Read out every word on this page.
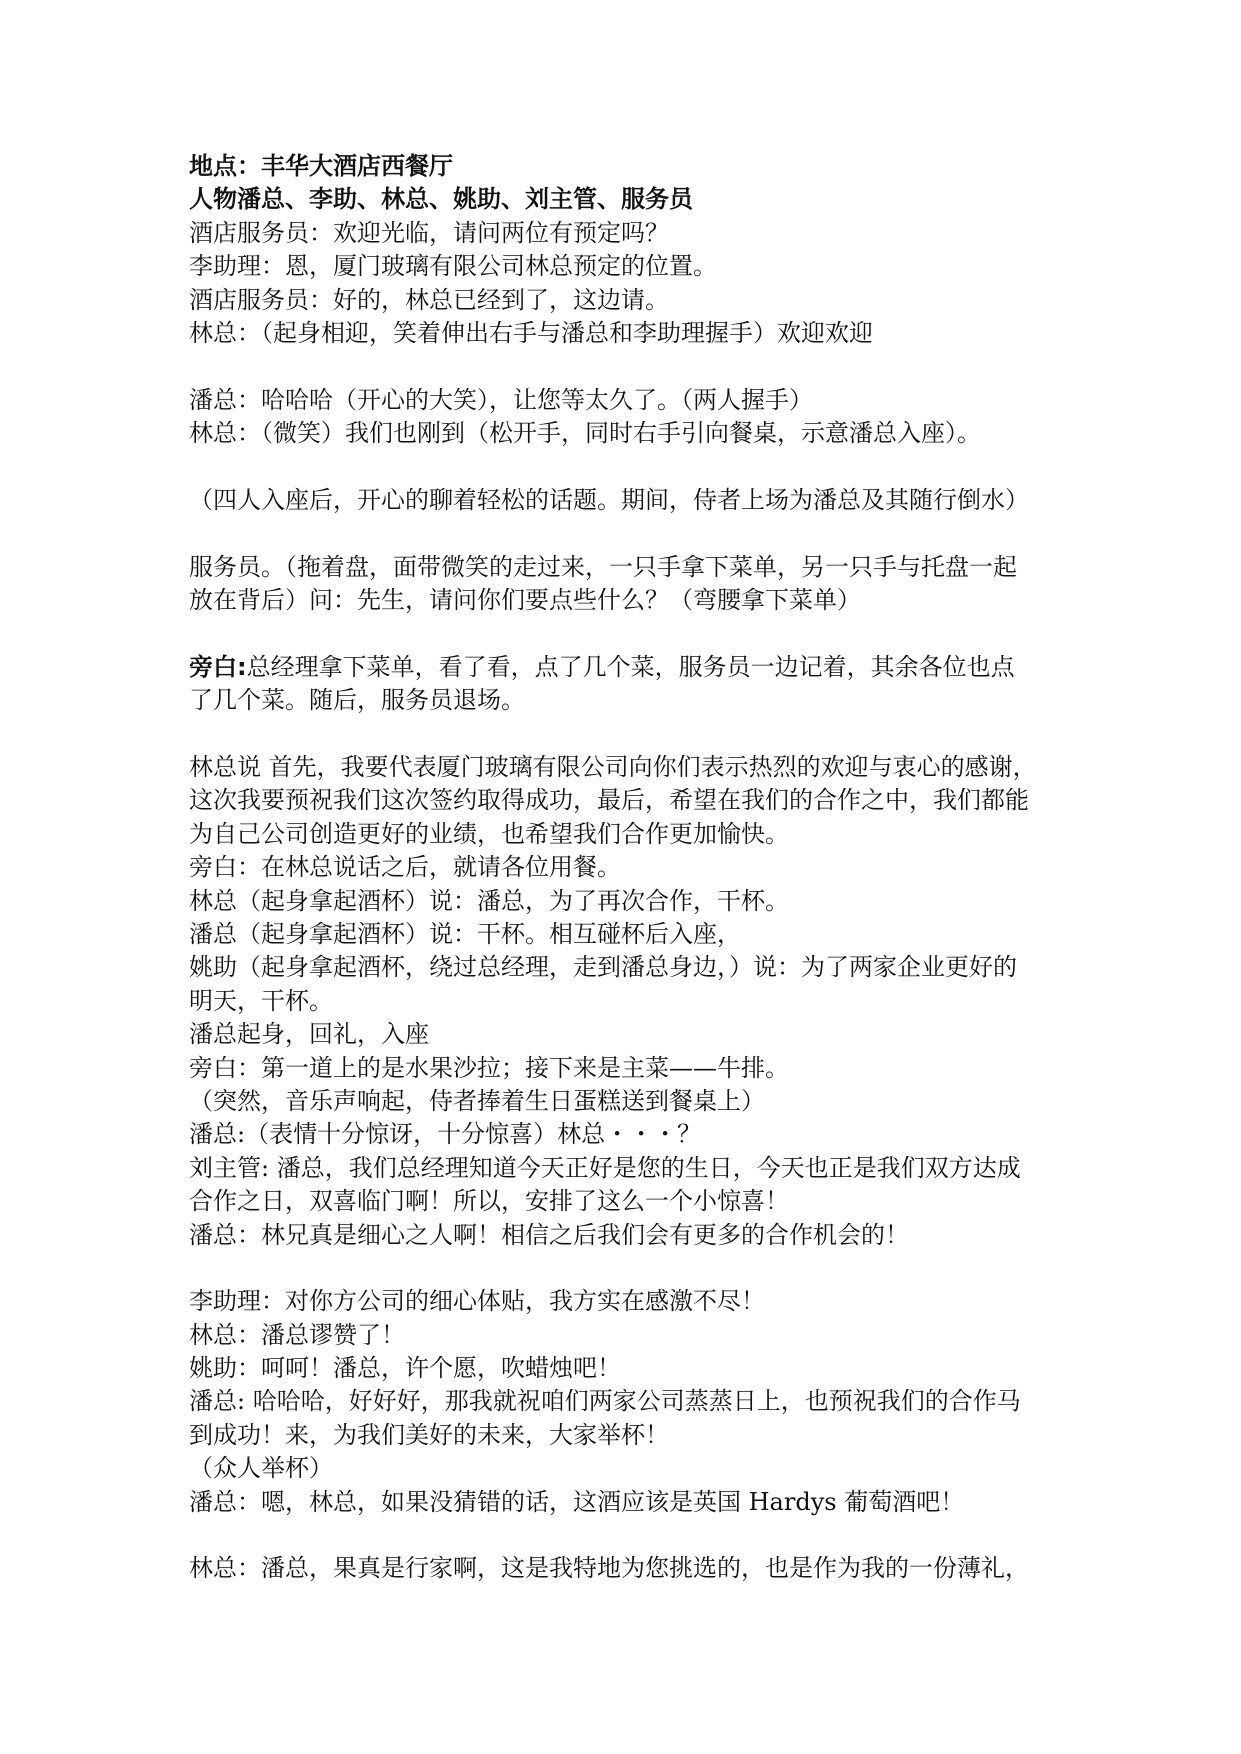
地点：丰华大酒店西餐厅
人物潘总、李助、林总、姚助、刘主管、服务员
酒店服务员：欢迎光临，请问两位有预定吗？
李助理：恩，厦门玻璃有限公司林总预定的位置。
酒店服务员：好的，林总已经到了，这边请。
林总：（起身相迎，笑着伸出右手与潘总和李助理握手）欢迎欢迎
潘总：哈哈哈（开心的大笑），让您等太久了。（两人握手）
林总：（微笑）我们也刚到（松开手，同时右手引向餐桌，示意潘总入座）。
（四人入座后，开心的聊着轻松的话题。期间，侍者上场为潘总及其随行倒水）
服务员。（拖着盘，面带微笑的走过来，一只手拿下菜单，另一只手与托盘一起
放在背后）问：先生，请问你们要点些什么？（弯腰拿下菜单）
旁白:总经理拿下菜单，看了看，点了几个菜，服务员一边记着，其余各位也点
了几个菜。随后，服务员退场。
林总说 首先，我要代表厦门玻璃有限公司向你们表示热烈的欢迎与衷心的感谢，
这次我要预祝我们这次签约取得成功，最后，希望在我们的合作之中，我们都能
为自己公司创造更好的业绩，也希望我们合作更加愉快。
旁白：在林总说话之后，就请各位用餐。
林总（起身拿起酒杯）说：潘总，为了再次合作，干杯。
潘总（起身拿起酒杯）说：干杯。相互碰杯后入座，
姚助（起身拿起酒杯，绕过总经理，走到潘总身边，）说：为了两家企业更好的
明天，干杯。
潘总起身，回礼，入座
旁白：第一道上的是水果沙拉；接下来是主菜——牛排。
（突然，音乐声响起，侍者捧着生日蛋糕送到餐桌上）
潘总:（表情十分惊讶，十分惊喜）林总・・・？
刘主管: 潘总，我们总经理知道今天正好是您的生日，今天也正是我们双方达成
合作之日，双喜临门啊！所以，安排了这么一个小惊喜！
潘总：林兄真是细心之人啊！相信之后我们会有更多的合作机会的！
李助理：对你方公司的细心体贴，我方实在感激不尽！
林总：潘总谬赞了！
姚助：呵呵！潘总，许个愿，吹蜡烛吧！
潘总: 哈哈哈，好好好，那我就祝咱们两家公司蒸蒸日上，也预祝我们的合作马
到成功！来，为我们美好的未来，大家举杯！
（众人举杯）
潘总：嗯，林总，如果没猜错的话，这酒应该是英国 Hardys 葡萄酒吧！
林总：潘总，果真是行家啊，这是我特地为您挑选的，也是作为我的一份薄礼，
